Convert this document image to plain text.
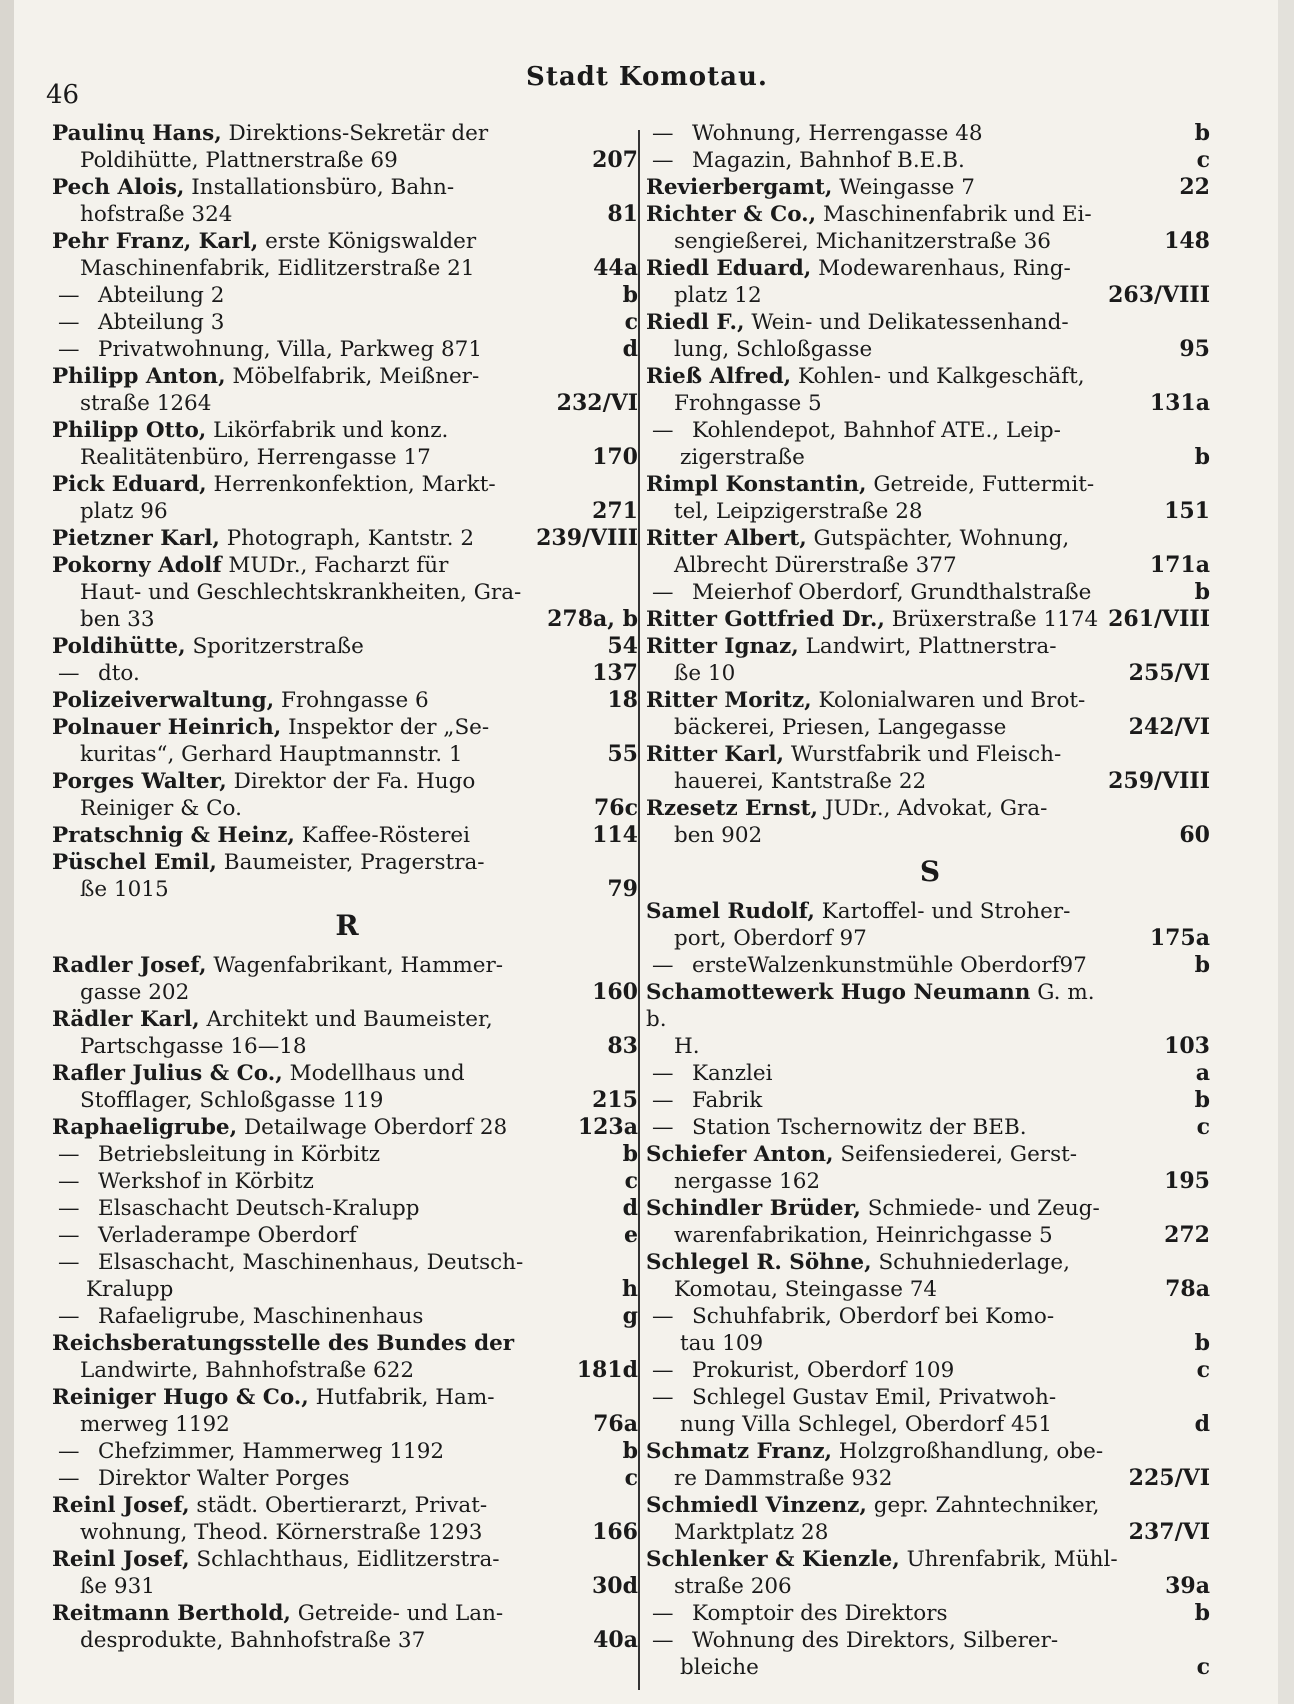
46
Stadt Komotau.
Paulinų Hans, Direktions-Sekretär der
Poldihütte, Plattnerstraße 69	207
Pech Alois, Installationsbüro, Bahn-
hofstraße 324	81
Pehr Franz, Karl, erste Königswalder
Maschinenfabrik, Eidlitzerstraße 21	44a
— Abteilung 2	b
— Abteilung 3	c
— Privatwohnung, Villa, Parkweg 871	d
Philipp Anton, Möbelfabrik, Meißner-
straße 1264	232/VI
Philipp Otto, Likörfabrik und konz.
Realitätenbüro, Herrengasse 17	170
Pick Eduard, Herrenkonfektion, Markt-
platz 96	271
Pietzner Karl, Photograph, Kantstr. 2	239/VIII
Pokorny Adolf MUDr., Facharzt für
Haut- und Geschlechtskrankheiten, Gra-
ben 33	278a, b
Poldihütte, Sporitzerstraße	54
— dto.	137
Polizeiverwaltung, Frohngasse 6	18
Polnauer Heinrich, Inspektor der „Se-
kuritas“, Gerhard Hauptmannstr. 1	55
Porges Walter, Direktor der Fa. Hugo
Reiniger & Co.	76c
Pratschnig & Heinz, Kaffee-Rösterei	114
Püschel Emil, Baumeister, Pragerstra-
ße 1015	79
R
Radler Josef, Wagenfabrikant, Hammer-
gasse 202	160
Rädler Karl, Architekt und Baumeister,
Partschgasse 16—18	83
Rafler Julius & Co., Modellhaus und
Stofflager, Schloßgasse 119	215
Raphaeligrube, Detailwage Oberdorf 28	123a
— Betriebsleitung in Körbitz	b
— Werkshof in Körbitz	c
— Elsaschacht Deutsch-Kralupp	d
— Verladerampe Oberdorf	e
— Elsaschacht, Maschinenhaus, Deutsch-
Kralupp	h
— Rafaeligrube, Maschinenhaus	g
Reichsberatungsstelle des Bundes der
Landwirte, Bahnhofstraße 622	181d
Reiniger Hugo & Co., Hutfabrik, Ham-
merweg 1192	76a
— Chefzimmer, Hammerweg 1192	b
— Direktor Walter Porges	c
Reinl Josef, städt. Obertierarzt, Privat-
wohnung, Theod. Körnerstraße 1293	166
Reinl Josef, Schlachthaus, Eidlitzerstra-
ße 931	30d
Reitmann Berthold, Getreide- und Lan-
desprodukte, Bahnhofstraße 37	40a
— Wohnung, Herrengasse 48	b
— Magazin, Bahnhof B.E.B.	c
Revierbergamt, Weingasse 7	22
Richter & Co., Maschinenfabrik und Ei-
sengießerei, Michanitzerstraße 36	148
Riedl Eduard, Modewarenhaus, Ring-
platz 12	263/VIII
Riedl F., Wein- und Delikatessenhand-
lung, Schloßgasse	95
Rieß Alfred, Kohlen- und Kalkgeschäft,
Frohngasse 5	131a
— Kohlendepot, Bahnhof ATE., Leip-
zigerstraße	b
Rimpl Konstantin, Getreide, Futtermit-
tel, Leipzigerstraße 28	151
Ritter Albert, Gutspächter, Wohnung,
Albrecht Dürerstraße 377	171a
— Meierhof Oberdorf, Grundthalstraße	b
Ritter Gottfried Dr., Brüxerstraße 1174 261/VIII
Ritter Ignaz, Landwirt, Plattnerstra-
ße 10	255/VI
Ritter Moritz, Kolonialwaren und Brot-
bäckerei, Priesen, Langegasse	242/VI
Ritter Karl, Wurstfabrik und Fleisch-
hauerei, Kantstraße 22	259/VIII
Rzesetz Ernst, JUDr., Advokat, Gra-
ben 902	60
S
Samel Rudolf, Kartoffel- und Stroher-
port, Oberdorf 97	175a
— ersteWalzenkunstmühle Oberdorf97	b
Schamottewerk Hugo Neumann G. m. b.
H.	103
— Kanzlei	a
— Fabrik	b
— Station Tschernowitz der BEB.	c
Schiefer Anton, Seifensiederei, Gerst-
nergasse 162	195
Schindler Brüder, Schmiede- und Zeug-
warenfabrikation, Heinrichgasse 5	272
Schlegel R. Söhne, Schuhniederlage,
Komotau, Steingasse 74	78a
— Schuhfabrik, Oberdorf bei Komo-
tau 109	b
— Prokurist, Oberdorf 109	c
— Schlegel Gustav Emil, Privatwoh-
nung Villa Schlegel, Oberdorf 451	d
Schmatz Franz, Holzgroßhandlung, obe-
re Dammstraße 932	225/VI
Schmiedl Vinzenz, gepr. Zahntechniker,
Marktplatz 28	237/VI
Schlenker & Kienzle, Uhrenfabrik, Mühl-
straße 206	39a
— Komptoir des Direktors	b
— Wohnung des Direktors, Silberer-
bleiche	c
